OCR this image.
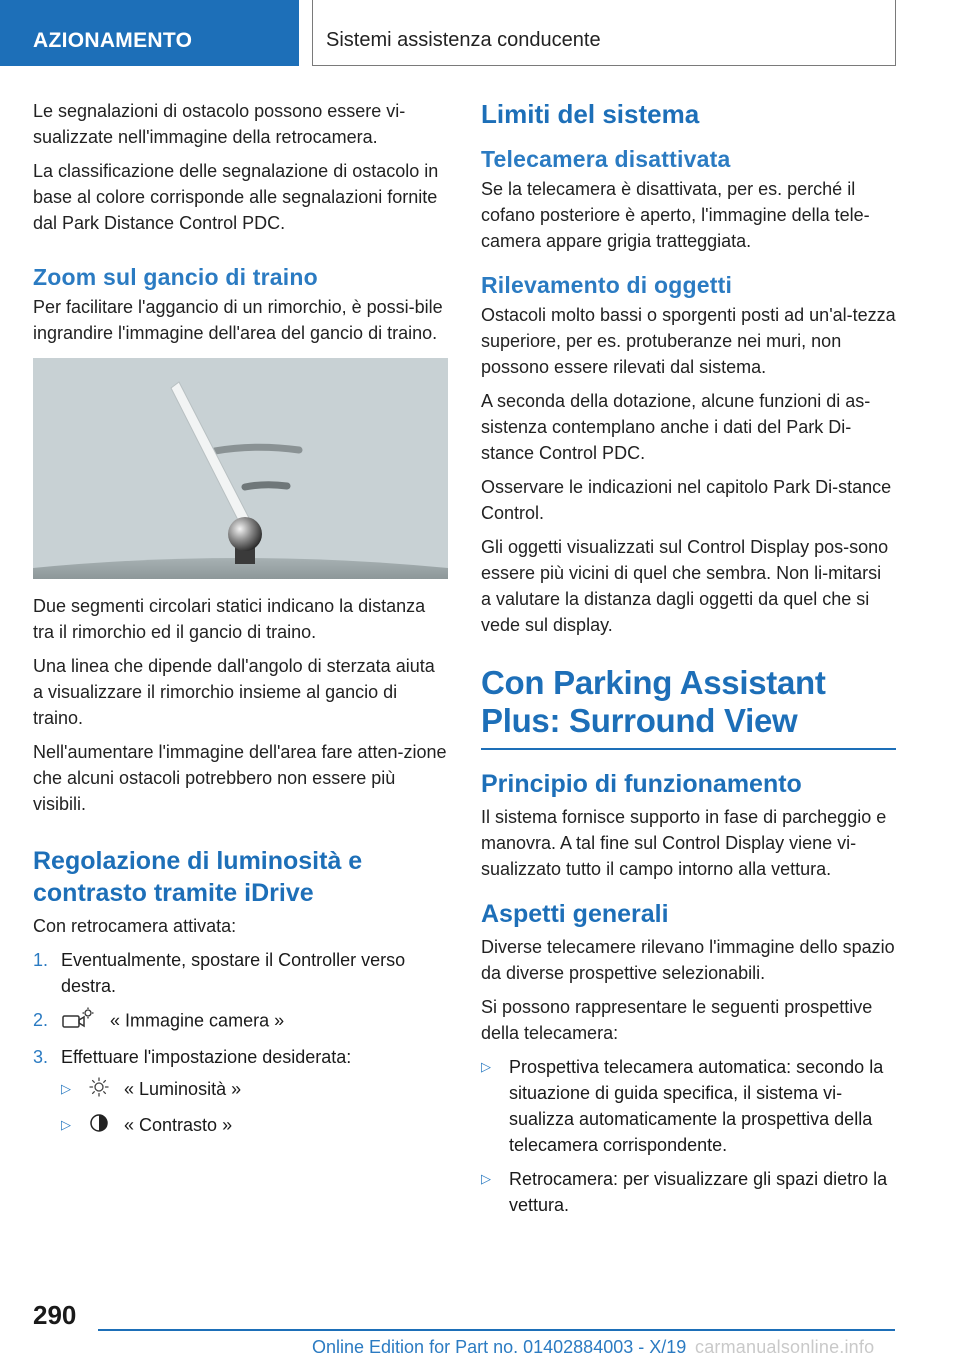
AZIONAMENTO	Sistemi assistenza conducente

Le segnalazioni di ostacolo possono essere vi-sualizzate nell'immagine della retrocamera.

La classificazione delle segnalazione di ostacolo in base al colore corrisponde alle segnalazioni fornite dal Park Distance Control PDC.

Zoom sul gancio di traino

Per facilitare l'aggancio di un rimorchio, è possi-bile ingrandire l'immagine dell'area del gancio di traino.

Due segmenti circolari statici indicano la distanza tra il rimorchio ed il gancio di traino.

Una linea che dipende dall'angolo di sterzata aiuta a visualizzare il rimorchio insieme al gancio di traino.

Nell'aumentare l'immagine dell'area fare atten-zione che alcuni ostacoli potrebbero non essere più visibili.

Regolazione di luminosità e contrasto tramite iDrive

Con retrocamera attivata:

1. Eventualmente, spostare il Controller verso destra.
2.	« Immagine camera »
3. Effettuare l'impostazione desiderata:
▷	« Luminosità »
▷	« Contrasto »
Limiti del sistema
Telecamera disattivata

Se la telecamera è disattivata, per es. perché il cofano posteriore è aperto, l'immagine della tele-camera appare grigia tratteggiata.

Rilevamento di oggetti

Ostacoli molto bassi o sporgenti posti ad un'al-tezza superiore, per es. protuberanze nei muri, non possono essere rilevati dal sistema.

A seconda della dotazione, alcune funzioni di as-sistenza contemplano anche i dati del Park Di-stance Control PDC.

Osservare le indicazioni nel capitolo Park Di-stance Control.

Gli oggetti visualizzati sul Control Display pos-sono essere più vicini di quel che sembra. Non li-mitarsi a valutare la distanza dagli oggetti da quel che si vede sul display.

Con Parking Assistant Plus: Surround View
Principio di funzionamento

Il sistema fornisce supporto in fase di parcheggio e manovra. A tal fine sul Control Display viene vi-sualizzato tutto il campo intorno alla vettura.

Aspetti generali

Diverse telecamere rilevano l'immagine dello spazio da diverse prospettive selezionabili.

Si possono rappresentare le seguenti prospettive della telecamera:

▷ Prospettiva telecamera automatica: secondo la situazione di guida specifica, il sistema vi-sualizza automaticamente la prospettiva della telecamera corrispondente.
▷ Retrocamera: per visualizzare gli spazi dietro la vettura.
290
Online Edition for Part no. 01402884003 - X/19 carmanualsonline.info
